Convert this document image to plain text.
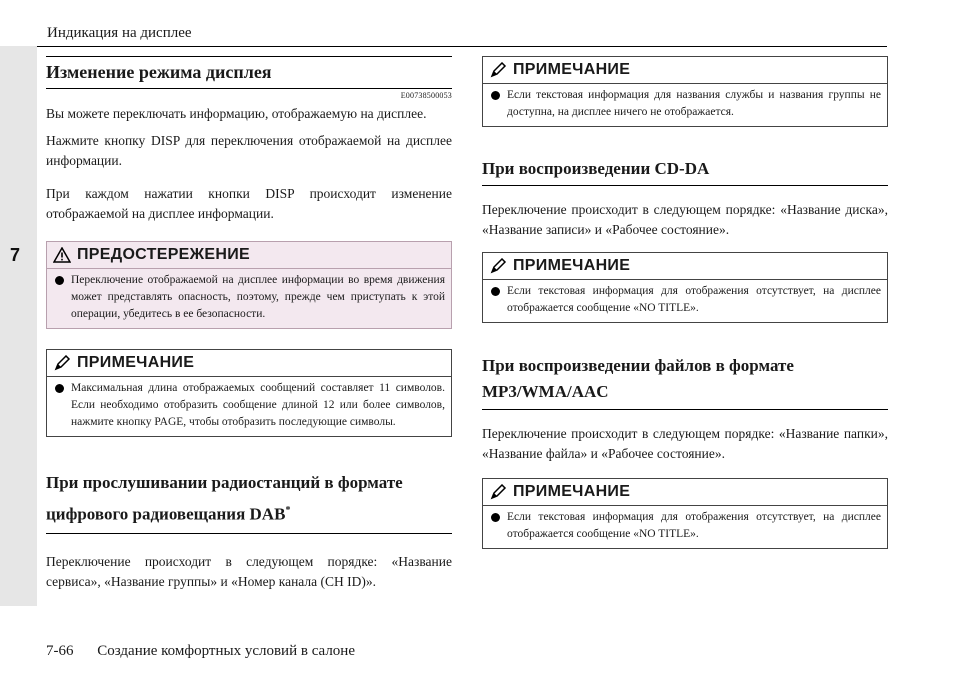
Индикация на дисплее
7
Изменение режима дисплея
E00738500053

Вы можете переключать информацию, отображаемую на дисплее.

Нажмите кнопку DISP для переключения отображаемой на дисплее информации.

При каждом нажатии кнопки DISP происходит изменение отображаемой на дисплее информации.

ПРЕДОСТЕРЕЖЕНИЕ
Переключение отображаемой на дисплее информации во время движения может представлять опасность, поэтому, прежде чем приступать к этой операции, убедитесь в ее безопасности.
ПРИМЕЧАНИЕ
Максимальная длина отображаемых сообщений составляет 11 символов. Если необходимо отобразить сообщение длиной 12 или более символов, нажмите кнопку PAGE, чтобы отобразить последующие символы.
При прослушивании радиостанций в формате цифрового радиовещания DAB*

Переключение происходит в следующем порядке: «Название сервиса», «Название группы» и «Номер канала (CH ID)».

ПРИМЕЧАНИЕ
Если текстовая информация для названия службы и названия группы не доступна, на дисплее ничего не отображается.
При воспроизведении CD-DA

Переключение происходит в следующем порядке: «Название диска», «Название записи» и «Рабочее состояние».

ПРИМЕЧАНИЕ
Если текстовая информация для отображения отсутствует, на дисплее отображается сообщение «NO TITLE».
При воспроизведении файлов в формате MP3/WMA/AAC

Переключение происходит в следующем порядке: «Название папки», «Название файла» и «Рабочее состояние».

ПРИМЕЧАНИЕ
Если текстовая информация для отображения отсутствует, на дисплее отображается сообщение «NO TITLE».
7-66 Создание комфортных условий в салоне
